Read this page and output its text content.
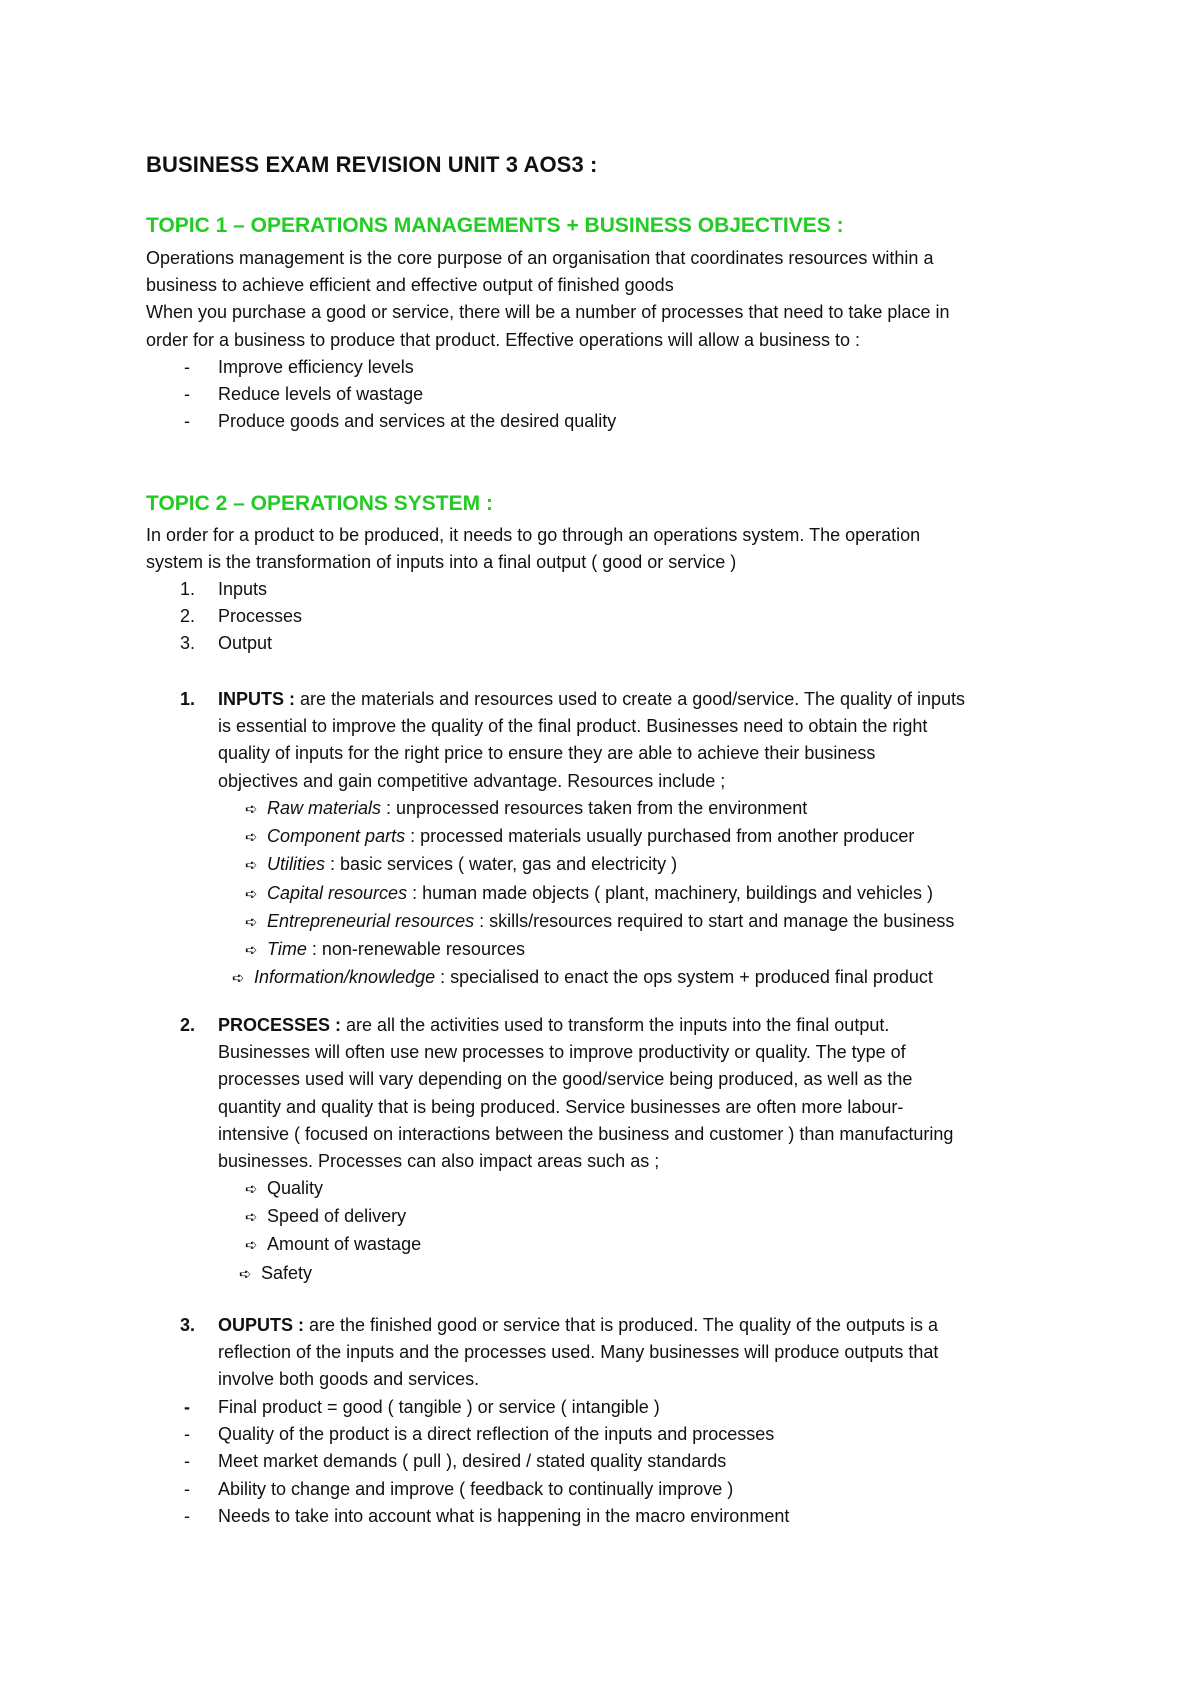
BUSINESS EXAM REVISION UNIT 3 AOS3 :
TOPIC 1 – OPERATIONS MANAGEMENTS + BUSINESS OBJECTIVES :
Operations management is the core purpose of an organisation that coordinates resources within a
business to achieve efficient and effective output of finished goods
When you purchase a good or service, there will be a number of processes that need to take place in
order for a business to produce that product. Effective operations will allow a business to :
- Improve efficiency levels
- Reduce levels of wastage
- Produce goods and services at the desired quality
TOPIC 2 – OPERATIONS SYSTEM :
In order for a product to be produced, it needs to go through an operations system. The operation
system is the transformation of inputs into a final output ( good or service )
1. Inputs
2. Processes
3. Output
1. INPUTS : are the materials and resources used to create a good/service. The quality of inputs
is essential to improve the quality of the final product. Businesses need to obtain the right
quality of inputs for the right price to ensure they are able to achieve their business
objectives and gain competitive advantage. Resources include ;
➪ Raw materials : unprocessed resources taken from the environment
➪ Component parts : processed materials usually purchased from another producer
➪ Utilities : basic services ( water, gas and electricity )
➪ Capital resources : human made objects ( plant, machinery, buildings and vehicles )
➪ Entrepreneurial resources : skills/resources required to start and manage the business
➪ Time : non-renewable resources
➪ Information/knowledge : specialised to enact the ops system + produced final product
2. PROCESSES : are all the activities used to transform the inputs into the final output.
Businesses will often use new processes to improve productivity or quality. The type of
processes used will vary depending on the good/service being produced, as well as the
quantity and quality that is being produced. Service businesses are often more labour-
intensive ( focused on interactions between the business and customer ) than manufacturing
businesses. Processes can also impact areas such as ;
➪ Quality
➪ Speed of delivery
➪ Amount of wastage
➪ Safety
3. OUPUTS : are the finished good or service that is produced. The quality of the outputs is a
reflection of the inputs and the processes used. Many businesses will produce outputs that
involve both goods and services.
- Final product = good ( tangible ) or service ( intangible )
- Quality of the product is a direct reflection of the inputs and processes
- Meet market demands ( pull ), desired / stated quality standards
- Ability to change and improve ( feedback to continually improve )
- Needs to take into account what is happening in the macro environment
